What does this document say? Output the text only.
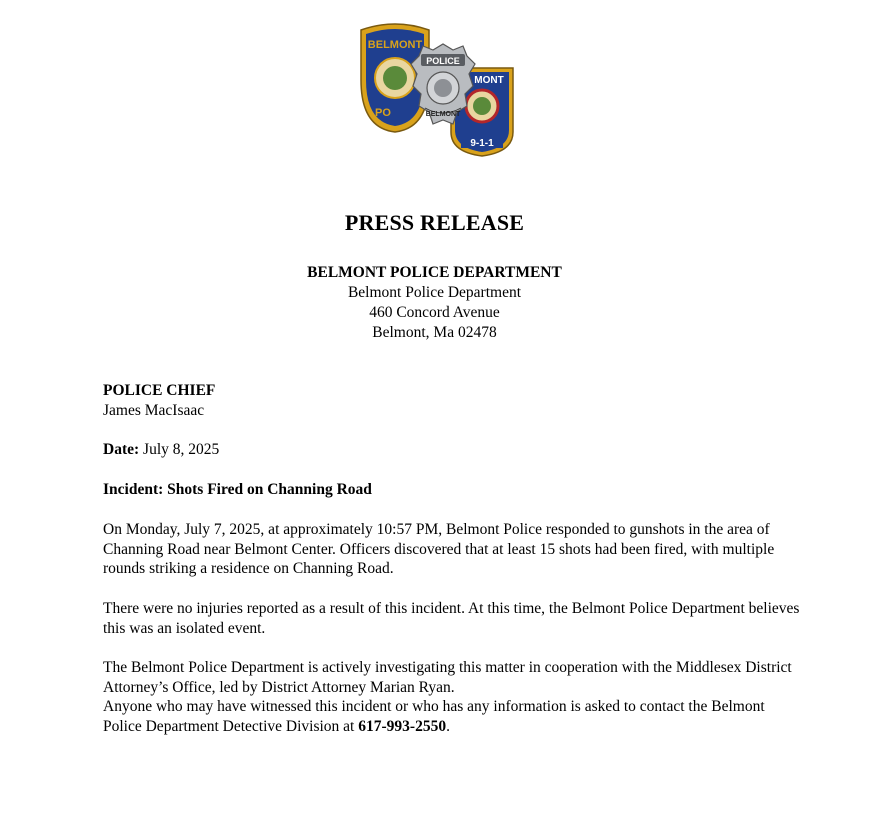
BELMONT
PO
MONT
9-1-1
POLICE
BELMONT
PRESS RELEASE
BELMONT POLICE DEPARTMENT
Belmont Police Department
460 Concord Avenue
Belmont, Ma 02478
POLICE CHIEF
James MacIsaac
Date: July 8, 2025
Incident: Shots Fired on Channing Road
On Monday, July 7, 2025, at approximately 10:57 PM, Belmont Police responded to gunshots in the area of Channing Road near Belmont Center. Officers discovered that at least 15 shots had been fired, with multiple rounds striking a residence on Channing Road.
There were no injuries reported as a result of this incident. At this time, the Belmont Police Department believes this was an isolated event.
The Belmont Police Department is actively investigating this matter in cooperation with the Middlesex District Attorney’s Office, led by District Attorney Marian Ryan.
Anyone who may have witnessed this incident or who has any information is asked to contact the Belmont Police Department Detective Division at 617-993-2550.
